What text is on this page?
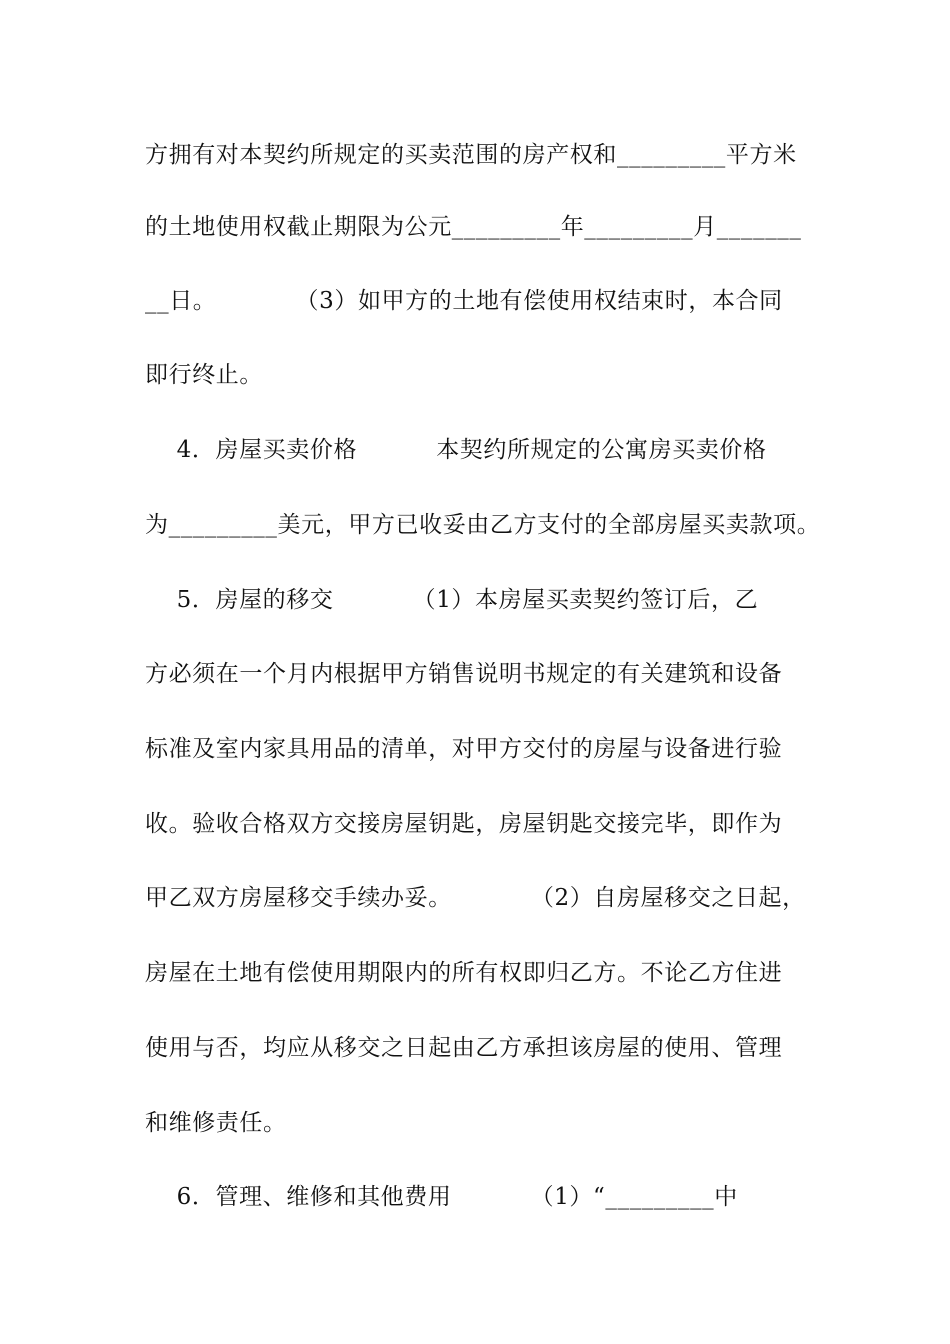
方拥有对本契约所规定的买卖范围的房产权和_________平方米
的土地使用权截止期限为公元_________年_________月_______
__日。          （3）如甲方的土地有偿使用权结束时，本合同
即行终止。
4．房屋买卖价格          本契约所规定的公寓房买卖价格
为_________美元，甲方已收妥由乙方支付的全部房屋买卖款项。
5．房屋的移交          （1）本房屋买卖契约签订后，乙
方必须在一个月内根据甲方销售说明书规定的有关建筑和设备
标准及室内家具用品的清单，对甲方交付的房屋与设备进行验
收。验收合格双方交接房屋钥匙，房屋钥匙交接完毕，即作为
甲乙双方房屋移交手续办妥。          （2）自房屋移交之日起，
房屋在土地有偿使用期限内的所有权即归乙方。不论乙方住进
使用与否，均应从移交之日起由乙方承担该房屋的使用、管理
和维修责任。
6．管理、维修和其他费用          （1）“_________中
